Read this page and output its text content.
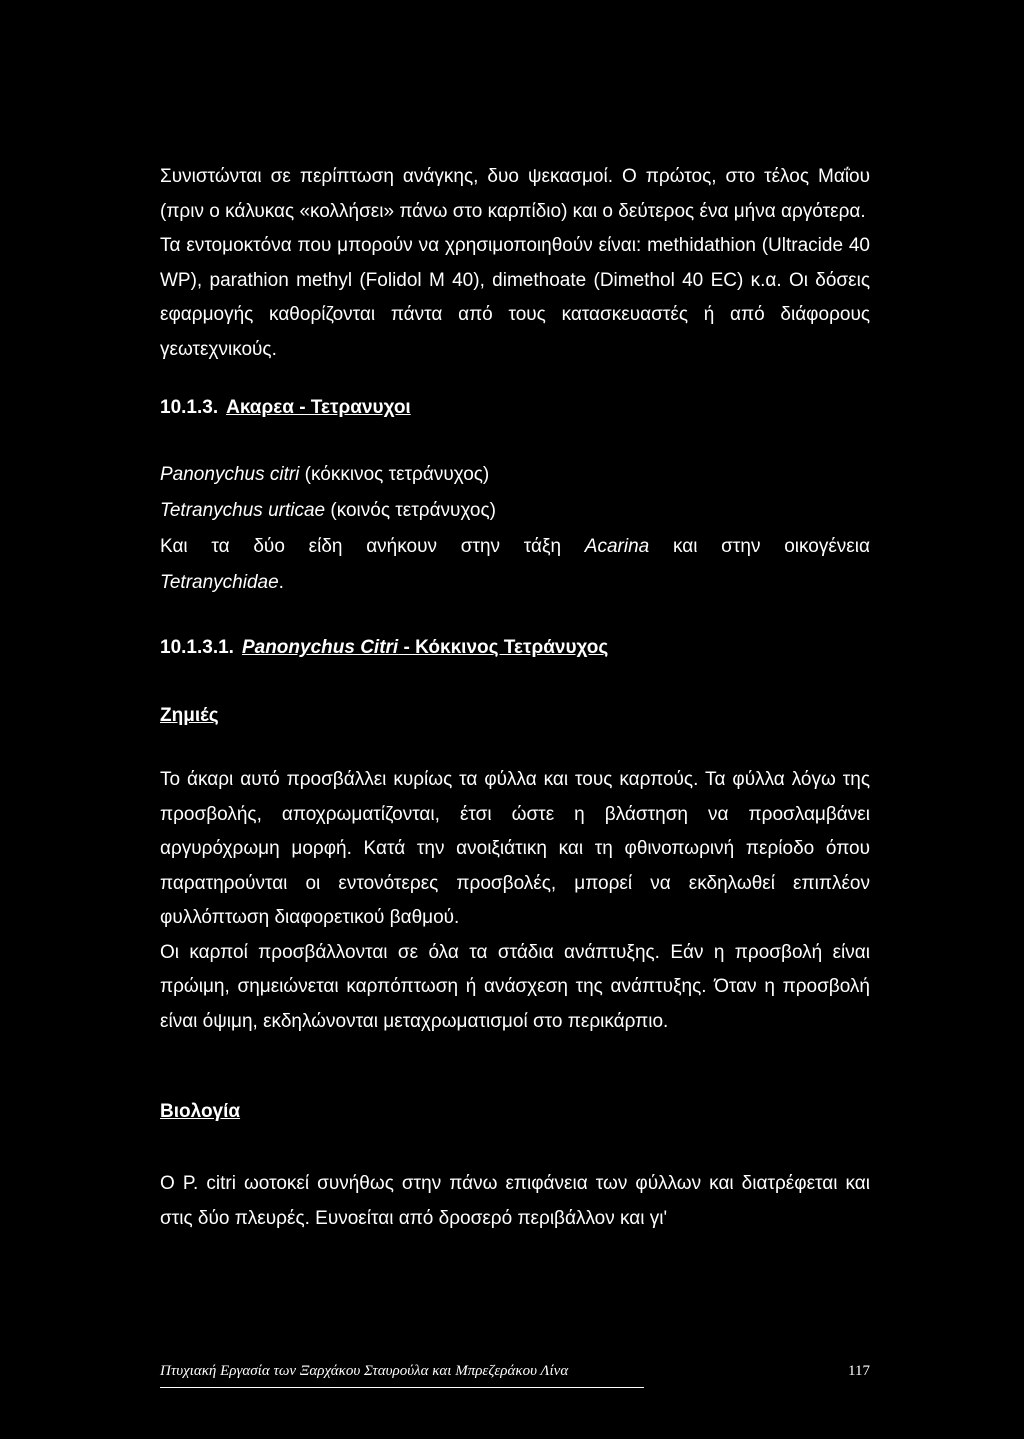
Συνιστώνται σε περίπτωση ανάγκης, δυο ψεκασμοί. Ο πρώτος, στο τέλος Μαΐου (πριν ο κάλυκας «κολλήσει» πάνω στο καρπίδιο) και ο δεύτερος ένα μήνα αργότερα.

Τα εντομοκτόνα που μπορούν να χρησιμοποιηθούν είναι: methidathion (Ultracide 40 WP), parathion methyl (Folidol M 40), dimethoate (Dimethol 40 EC) κ.α. Οι δόσεις εφαρμογής καθορίζονται πάντα από τους κατασκευαστές ή από διάφορους γεωτεχνικούς.

10.1.3. Ακαρεα - Τετρανυχοι

Panonychus citri (κόκκινος τετράνυχος)

Tetranychus urticae (κοινός τετράνυχος)

Και τα δύο είδη ανήκουν στην τάξη Acarina και στην οικογένεια

Tetranychidae.

10.1.3.1. Panonychus Citri - Κόκκινος Τετράνυχος

Ζημιές

Το άκαρι αυτό προσβάλλει κυρίως τα φύλλα και τους καρπούς. Τα φύλλα λόγω της προσβολής, αποχρωματίζονται, έτσι ώστε η βλάστηση να προσλαμβάνει αργυρόχρωμη μορφή. Κατά την ανοιξιάτικη και τη φθινοπωρινή περίοδο όπου παρατηρούνται οι εντονότερες προσβολές, μπορεί να εκδηλωθεί επιπλέον φυλλόπτωση διαφορετικού βαθμού.

Οι καρποί προσβάλλονται σε όλα τα στάδια ανάπτυξης. Εάν η προσβολή είναι πρώιμη, σημειώνεται καρπόπτωση ή ανάσχεση της ανάπτυξης. Όταν η προσβολή είναι όψιμη, εκδηλώνονται μεταχρωματισμοί στο περικάρπιο.

Βιολογία

Ο P. citri ωοτοκεί συνήθως στην πάνω επιφάνεια των φύλλων και διατρέφεται και στις δύο πλευρές. Ευνοείται από δροσερό περιβάλλον και γι'

Πτυχιακή Εργασία των Ξαρχάκου Σταυρούλα και Μπρεζεράκου Λίνα	117
